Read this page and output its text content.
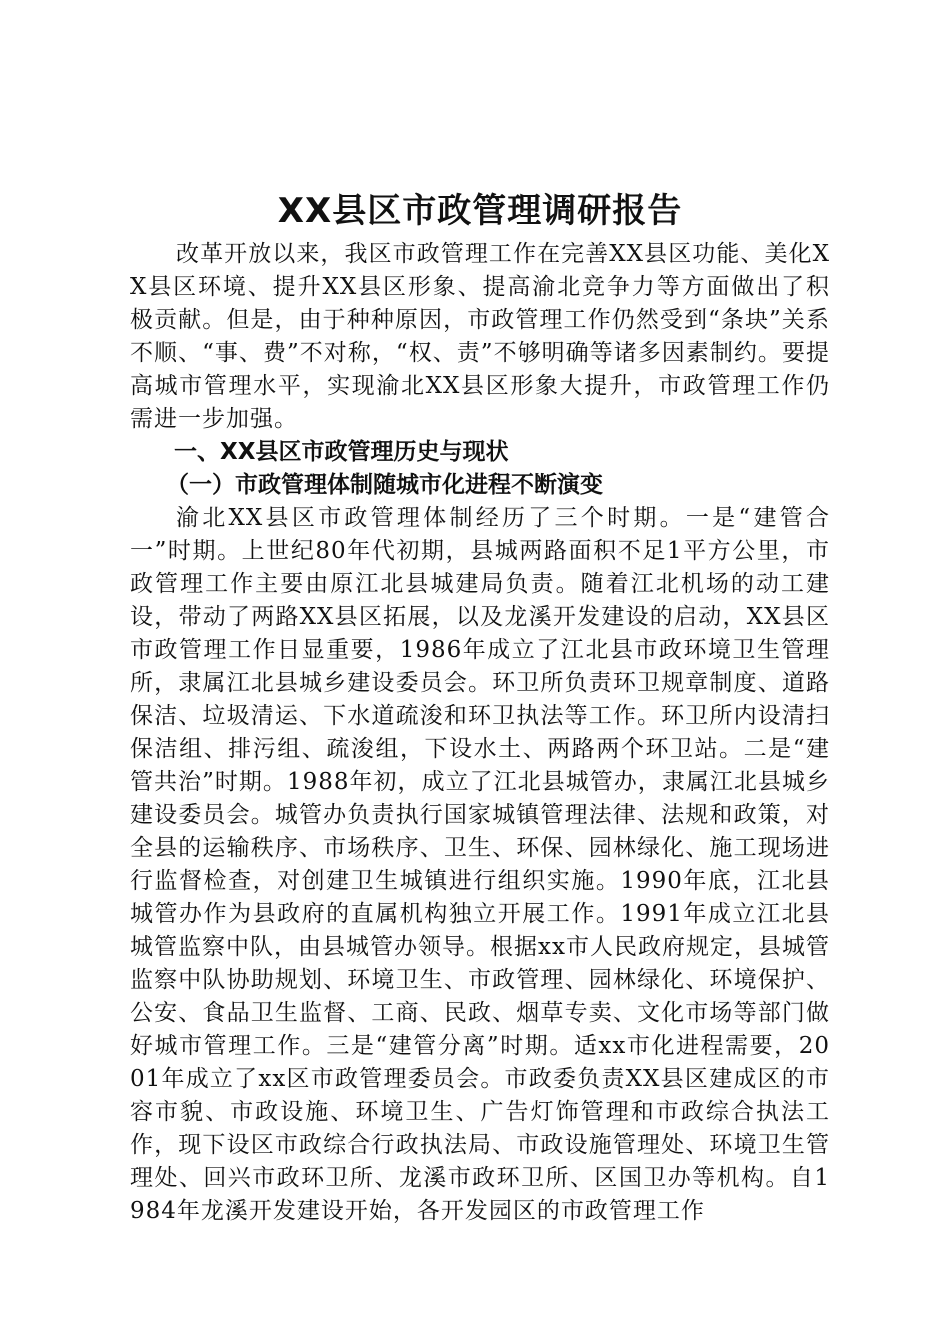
XX县区市政管理调研报告

改革开放以来，我区市政管理工作在完善XX县区功能、美化XX县区环境、提升XX县区形象、提高渝北竞争力等方面做出了积极贡献。但是，由于种种原因，市政管理工作仍然受到“条块”关系不顺、“事、费”不对称，“权、责”不够明确等诸多因素制约。要提高城市管理水平，实现渝北XX县区形象大提升，市政管理工作仍需进一步加强。

一、XX县区市政管理历史与现状
（一）市政管理体制随城市化进程不断演变

渝北XX县区市政管理体制经历了三个时期。一是“建管合一”时期。上世纪80年代初期，县城两路面积不足1平方公里，市政管理工作主要由原江北县城建局负责。随着江北机场的动工建设，带动了两路XX县区拓展，以及龙溪开发建设的启动，XX县区市政管理工作日显重要，1986年成立了江北县市政环境卫生管理所，隶属江北县城乡建设委员会。环卫所负责环卫规章制度、道路保洁、垃圾清运、下水道疏浚和环卫执法等工作。环卫所内设清扫保洁组、排污组、疏浚组，下设水土、两路两个环卫站。二是“建管共治”时期。1988年初，成立了江北县城管办，隶属江北县城乡建设委员会。城管办负责执行国家城镇管理法律、法规和政策，对全县的运输秩序、市场秩序、卫生、环保、园林绿化、施工现场进行监督检查，对创建卫生城镇进行组织实施。1990年底，江北县城管办作为县政府的直属机构独立开展工作。1991年成立江北县城管监察中队，由县城管办领导。根据xx市人民政府规定，县城管监察中队协助规划、环境卫生、市政管理、园林绿化、环境保护、公安、食品卫生监督、工商、民政、烟草专卖、文化市场等部门做好城市管理工作。三是“建管分离”时期。适xx市化进程需要，2001年成立了xx区市政管理委员会。市政委负责XX县区建成区的市容市貌、市政设施、环境卫生、广告灯饰管理和市政综合执法工作，现下设区市政综合行政执法局、市政设施管理处、环境卫生管理处、回兴市政环卫所、龙溪市政环卫所、区国卫办等机构。自1984年龙溪开发建设开始，各开发园区的市政管理工作
